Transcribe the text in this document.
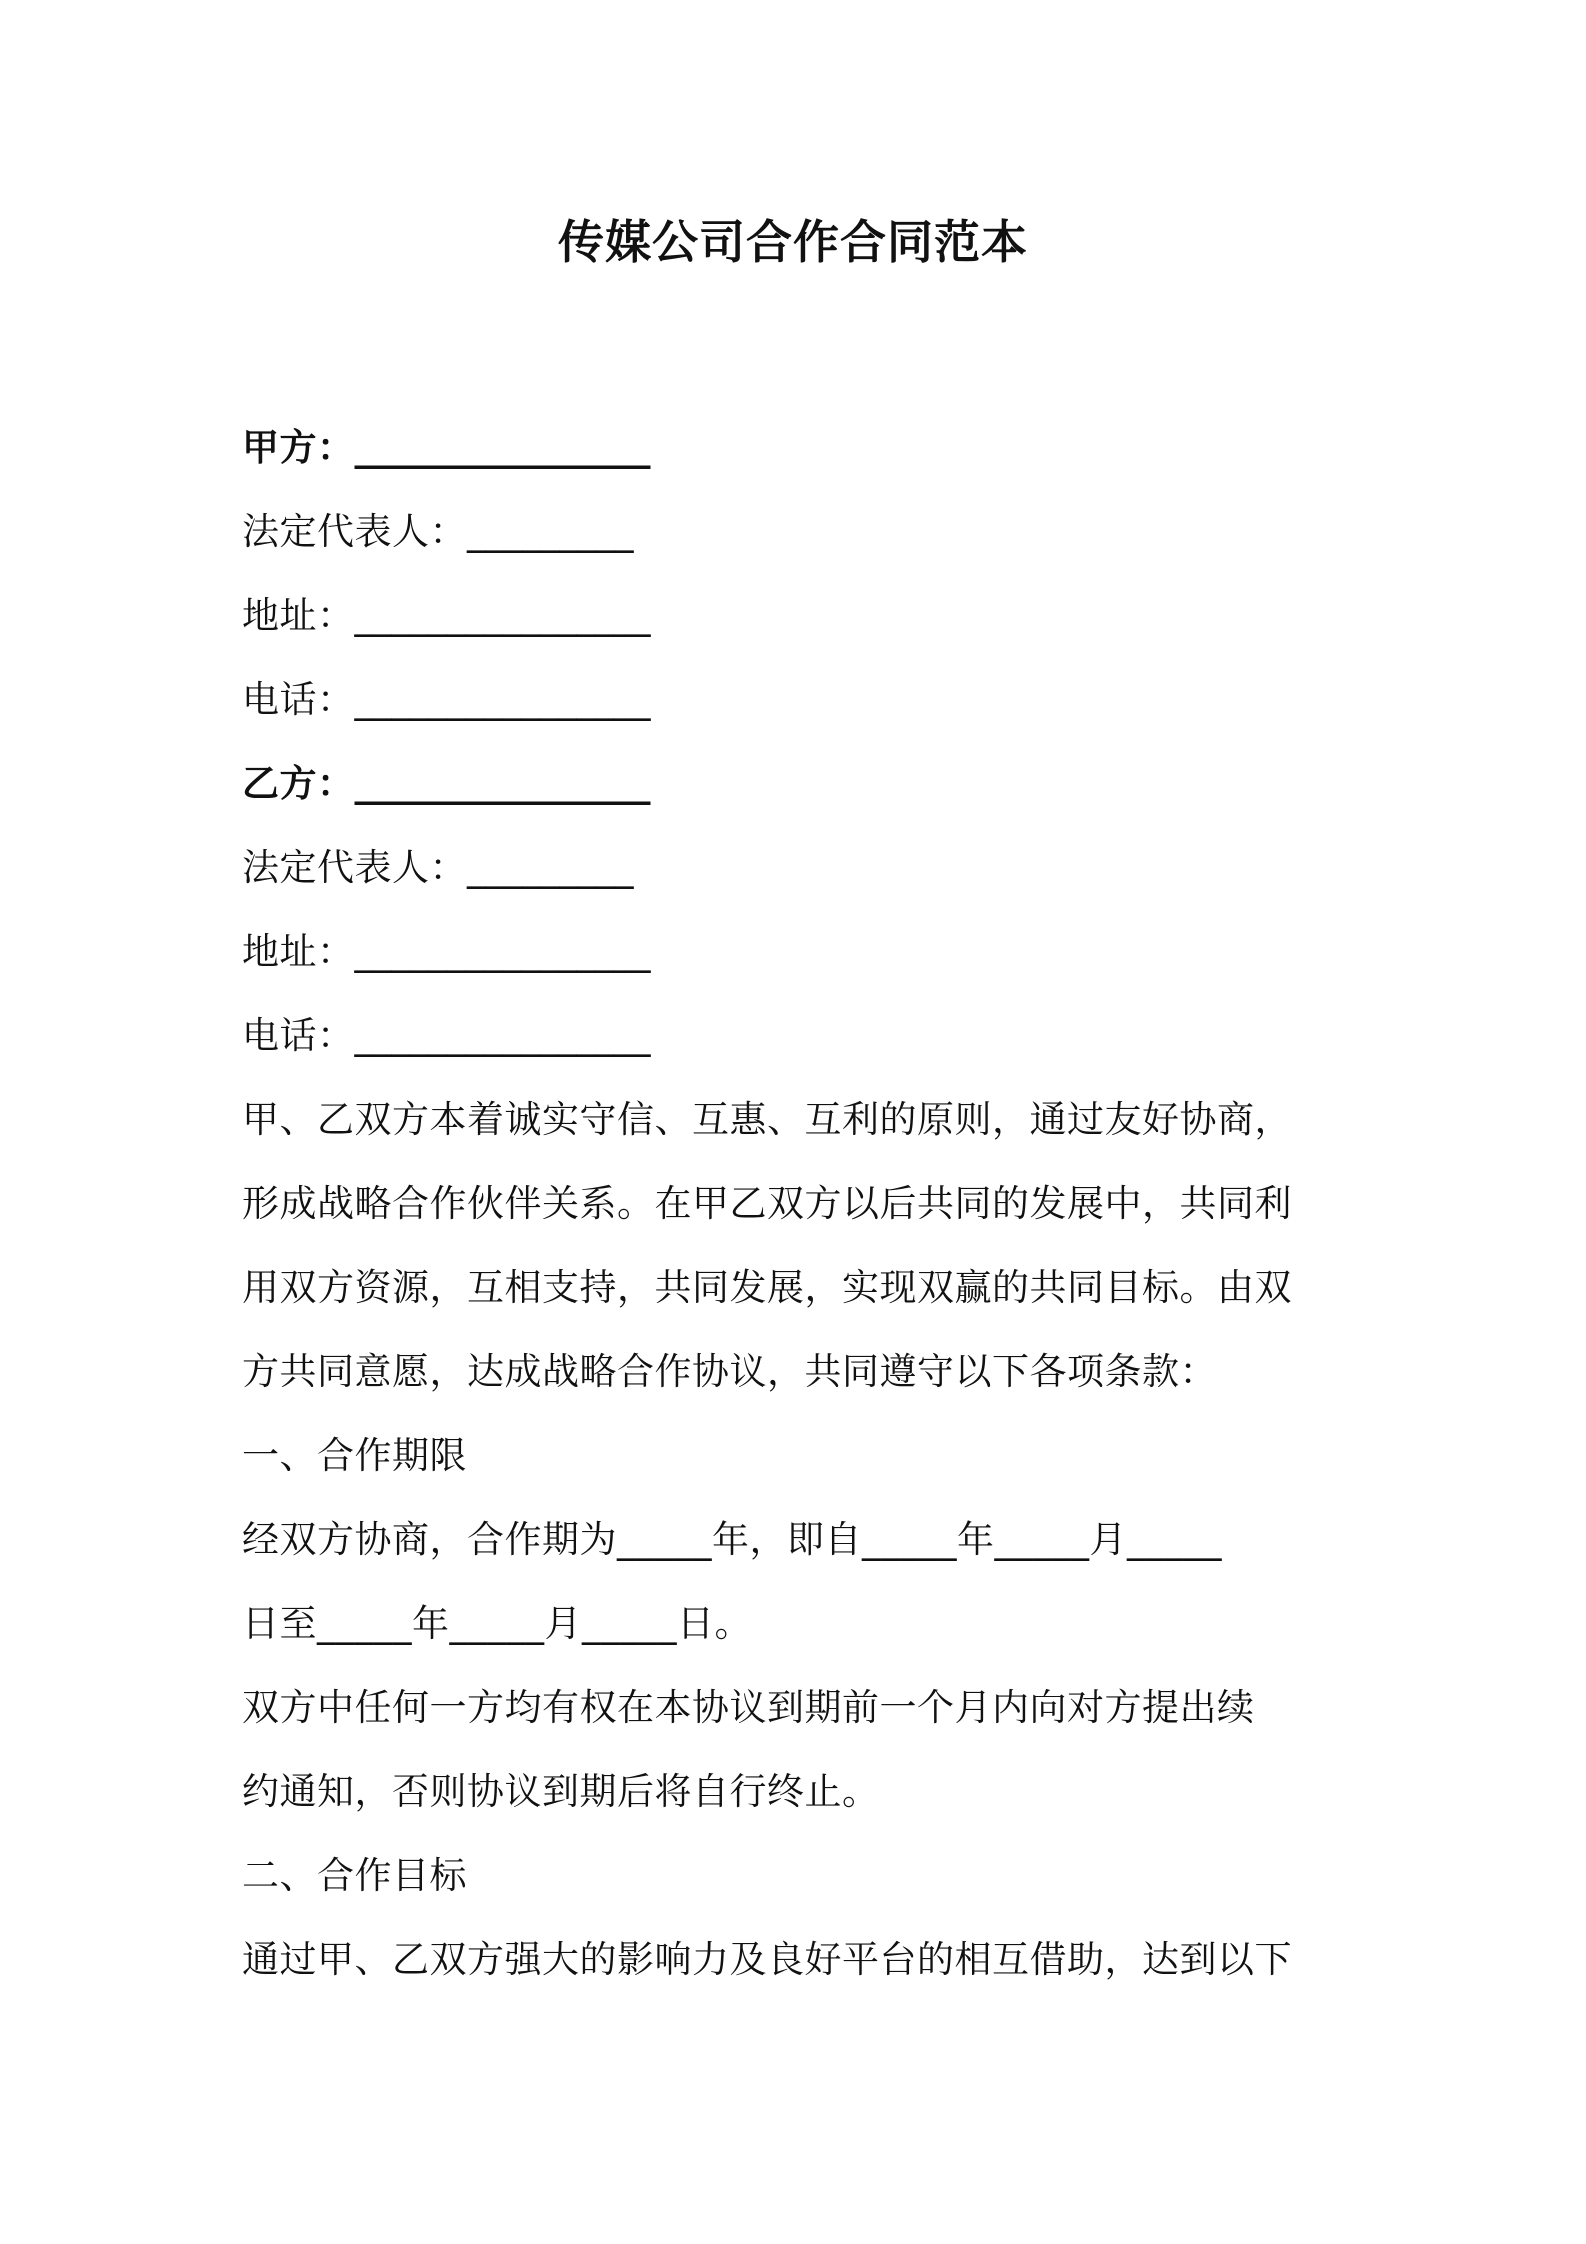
传媒公司合作合同范本
甲方：________________
法定代表人：_________
地址：________________
电话：________________
乙方：________________
法定代表人：_________
地址：________________
电话：________________
甲、乙双方本着诚实守信、互惠、互利的原则，通过友好协商，
形成战略合作伙伴关系。在甲乙双方以后共同的发展中，共同利
用双方资源，互相支持，共同发展，实现双赢的共同目标。由双
方共同意愿，达成战略合作协议，共同遵守以下各项条款：
一、合作期限
经双方协商，合作期为_____年，即自_____年_____月_____
日至_____年_____月_____日。
双方中任何一方均有权在本协议到期前一个月内向对方提出续
约通知，否则协议到期后将自行终止。
二、合作目标
通过甲、乙双方强大的影响力及良好平台的相互借助，达到以下
